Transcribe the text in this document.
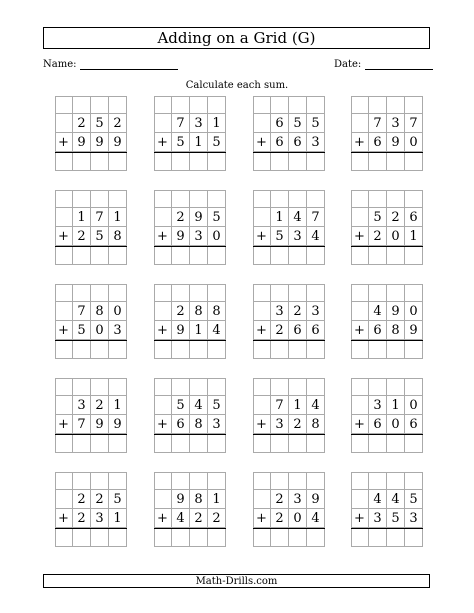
Adding on a Grid (G)
Name:	Date:
Calculate each sum.
2 5 2
+ 9 9 9
7 3 1
+ 5 1 5
6 5 5
+ 6 6 3
7 3 7
+ 6 9 0
1 7 1
+ 2 5 8
2 9 5
+ 9 3 0
1 4 7
+ 5 3 4
5 2 6
+ 2 0 1
7 8 0
+ 5 0 3
2 8 8
+ 9 1 4
3 2 3
+ 2 6 6
4 9 0
+ 6 8 9
3 2 1
+ 7 9 9
5 4 5
+ 6 8 3
7 1 4
+ 3 2 8
3 1 0
+ 6 0 6
2 2 5
+ 2 3 1
9 8 1
+ 4 2 2
2 3 9
+ 2 0 4
4 4 5
+ 3 5 3
Math-Drills.com
